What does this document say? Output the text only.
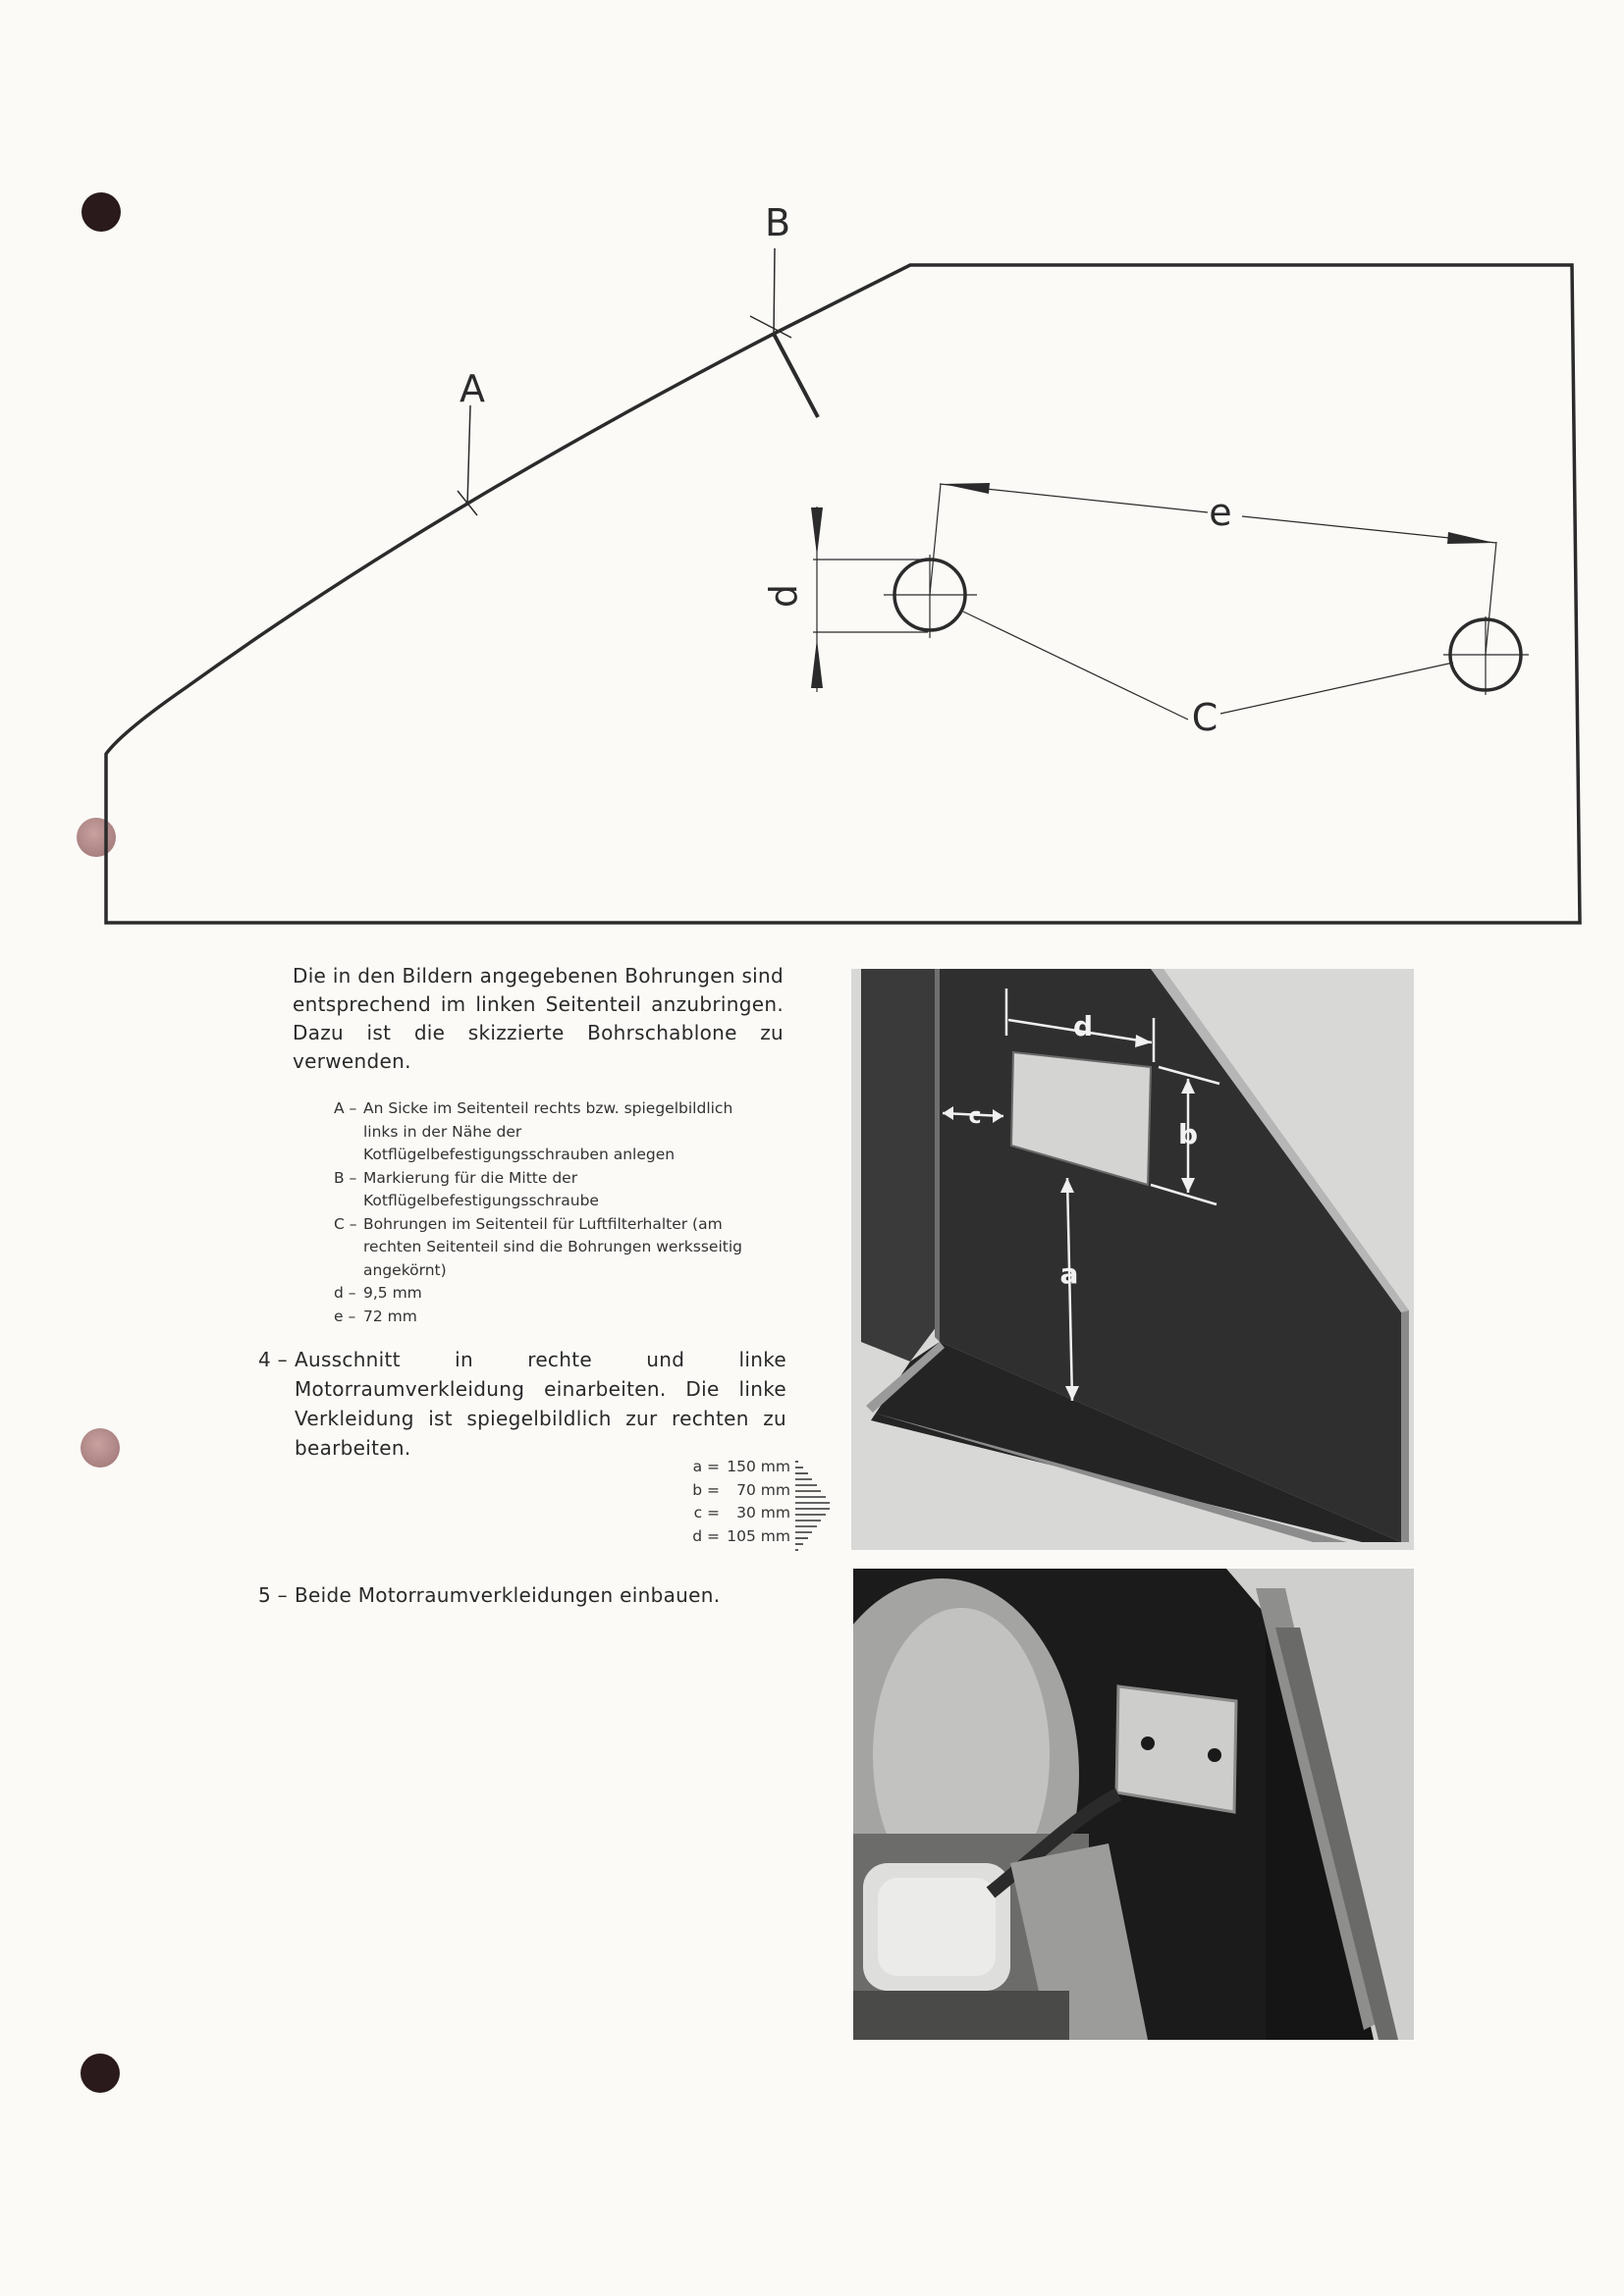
A
B
C
e
d
Die in den Bildern angegebenen Bohrungen sind entsprechend im linken Seitenteil anzubringen. Dazu ist die skizzierte Bohrschablone zu verwenden.
A – An Sicke im Seitenteil rechts bzw. spiegelbildlich links in der Nähe der Kotflügelbefestigungsschrauben anlegen
B – Markierung für die Mitte der Kotflügelbefestigungsschraube
C – Bohrungen im Seitenteil für Luftfilterhalter (am rechten Seitenteil sind die Bohrungen werksseitig angekörnt)
d – 9,5 mm
e – 72 mm
4 – Ausschnitt in rechte und linke Motorraumverkleidung einarbeiten. Die linke Verkleidung ist spiegelbildlich zur rechten zu bearbeiten.
a = 150 mm
b =	70 mm
c =	30 mm
d = 105 mm
5 – Beide Motorraumverkleidungen einbauen.
d
b
c
a
